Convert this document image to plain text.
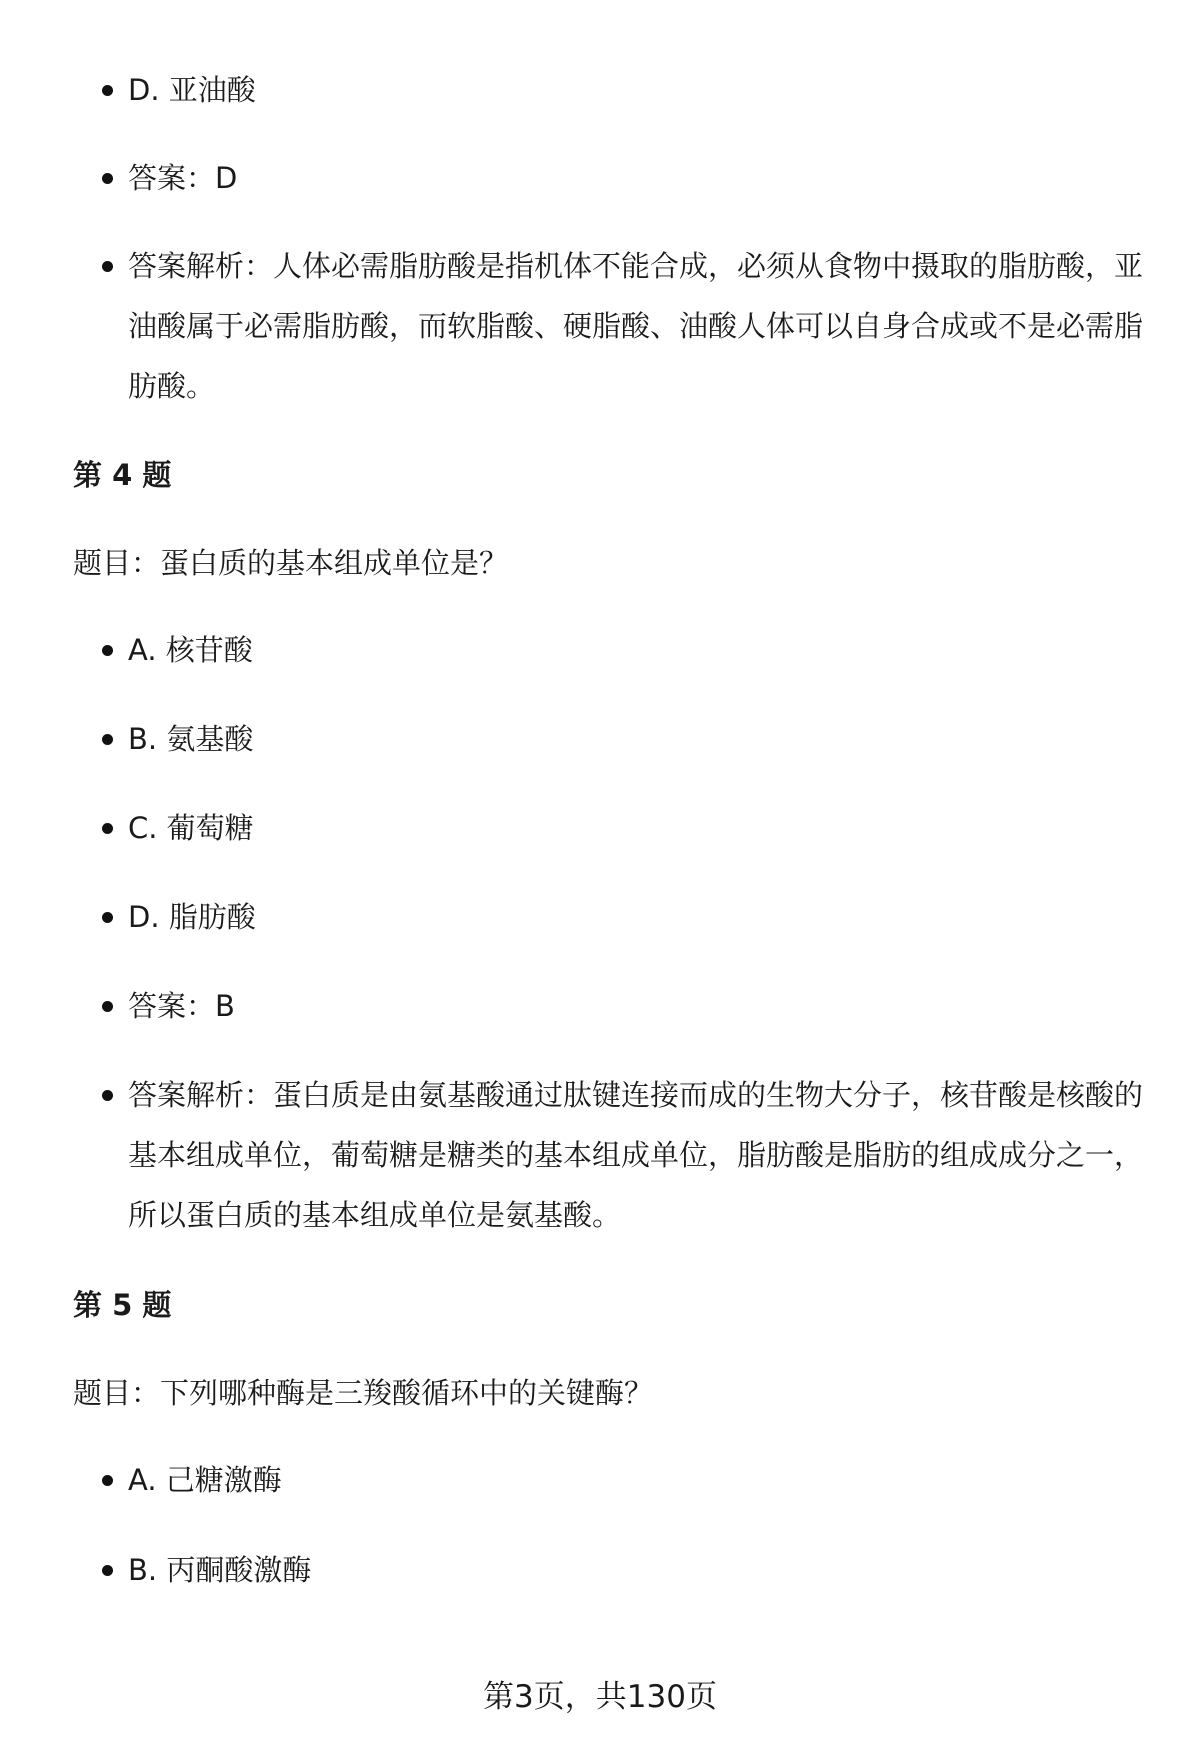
D. 亚油酸
答案：D
答案解析：人体必需脂肪酸是指机体不能合成，必须从食物中摄取的脂肪酸，亚油酸属于必需脂肪酸，而软脂酸、硬脂酸、油酸人体可以自身合成或不是必需脂肪酸。
第 4 题
题目：蛋白质的基本组成单位是？
A. 核苷酸
B. 氨基酸
C. 葡萄糖
D. 脂肪酸
答案：B
答案解析：蛋白质是由氨基酸通过肽键连接而成的生物大分子，核苷酸是核酸的基本组成单位，葡萄糖是糖类的基本组成单位，脂肪酸是脂肪的组成成分之一，所以蛋白质的基本组成单位是氨基酸。
第 5 题
题目：下列哪种酶是三羧酸循环中的关键酶？
A. 己糖激酶
B. 丙酮酸激酶
第3页，共130页
